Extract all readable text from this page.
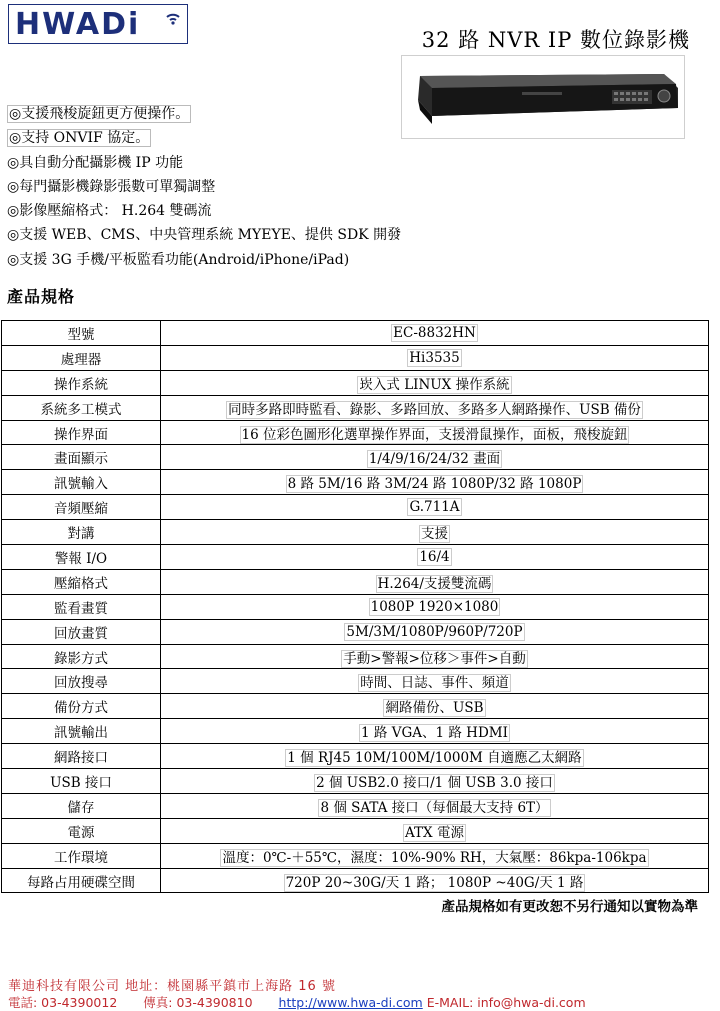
HWADi	32 路 NVR IP 數位錄影機
◎支援飛梭旋鈕更方便操作。
◎支持 ONVIF 協定。
◎具自動分配攝影機 IP 功能
◎每門攝影機錄影張數可單獨調整
◎影像壓縮格式： H.264 雙碼流
◎支援 WEB、CMS、中央管理系統 MYEYE、提供 SDK 開發
◎支援 3G 手機/平板監看功能(Android/iPhone/iPad)
產品規格
型號	EC-8832HN
處理器	Hi3535
操作系統	崁入式 LINUX 操作系統
系統多工模式	同時多路即時監看、錄影、多路回放、多路多人網路操作、USB 備份
操作界面	16 位彩色圖形化選單操作界面，支援滑鼠操作，面板，飛梭旋鈕
畫面顯示	1/4/9/16/24/32 畫面
訊號輸入	8 路 5M/16 路 3M/24 路 1080P/32 路 1080P
音頻壓縮	G.711A
對講	支援
警報 I/O	16/4
壓縮格式	H.264/支援雙流碼
監看畫質	1080P 1920×1080
回放畫質	5M/3M/1080P/960P/720P
錄影方式	手動>警報>位移＞事件>自動
回放搜尋	時間、日誌、事件、頻道
備份方式	網路備份、USB
訊號輸出	1 路 VGA、1 路 HDMI
網路接口	1 個 RJ45 10M/100M/1000M 自適應乙太網路
USB 接口	2 個 USB2.0 接口/1 個 USB 3.0 接口
儲存	8 個 SATA 接口（每個最大支持 6T）
電源	ATX 電源
工作環境	溫度：0℃-＋55℃，濕度：10%-90% RH，大氣壓：86kpa-106kpa
每路占用硬碟空間	720P 20~30G/天 1 路； 1080P ~40G/天 1 路
產品規格如有更改恕不另行通知以實物為準
華迪科技有限公司 地址：桃園縣平鎮市上海路 16 號
電話: 03-4390012 傳真: 03-4390810 http://www.hwa-di.com E-MAIL: info@hwa-di.com
